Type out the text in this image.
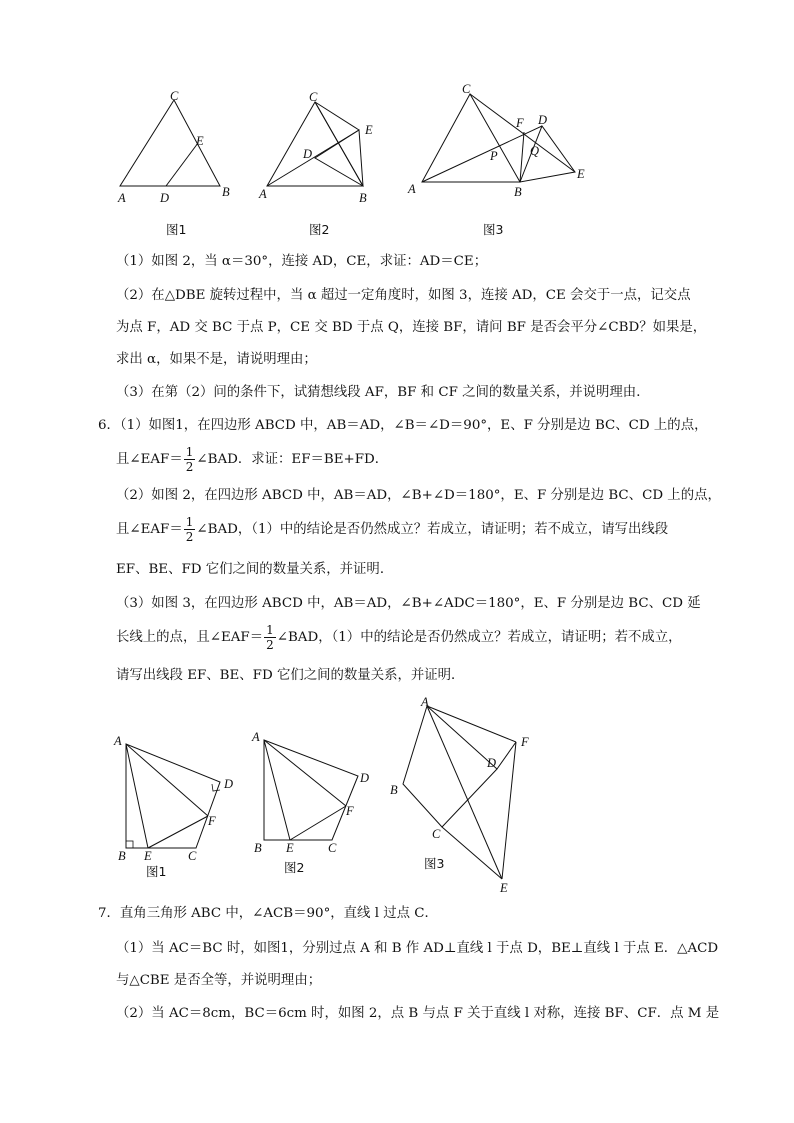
C
E
A	D	B
图1
C
E
D
A	B
图2
C
F D
Q
P
A	B
E
图3
（1）如图 2，当 α＝30°，连接 AD，CE，求证：AD＝CE；
（2）在△DBE 旋转过程中，当 α 超过一定角度时，如图 3，连接 AD，CE 会交于一点，记交点
为点 F，AD 交 BC 于点 P，CE 交 BD 于点 Q，连接 BF，请问 BF 是否会平分∠CBD？如果是，
求出 α，如果不是，请说明理由；
（3）在第（2）问的条件下，试猜想线段 AF，BF 和 CF 之间的数量关系，并说明理由．
6．（1）如图1，在四边形 ABCD 中，AB＝AD，∠B＝∠D＝90°，E、F 分别是边 BC、CD 上的点，
且∠EAF＝ $\frac{1}{2}$ ∠BAD．求证：EF＝BE+FD．
（2）如图 2，在四边形 ABCD 中，AB＝AD，∠B+∠D＝180°，E、F 分别是边 BC、CD 上的点，
且∠EAF＝ $\frac{1}{2}$ ∠BAD，（1）中的结论是否仍然成立？若成立，请证明；若不成立，请写出线段
EF、BE、FD 它们之间的数量关系，并证明．
（3）如图 3，在四边形 ABCD 中，AB＝AD，∠B+∠ADC＝180°，E、F 分别是边 BC、CD 延
长线上的点，且∠EAF＝ $\frac{1}{2}$ ∠BAD，（1）中的结论是否仍然成立？若成立，请证明；若不成立，
请写出线段 EF、BE、FD 它们之间的数量关系，并证明．
A
D
F
B E	C
图1
A
D
F
B E	C
图2
A
F
D
B
C
E
图3
7．直角三角形 ABC 中，∠ACB＝90°，直线 l 过点 C．
（1）当 AC＝BC 时，如图1，分别过点 A 和 B 作 AD⊥直线 l 于点 D，BE⊥直线 l 于点 E．△ACD
与△CBE 是否全等，并说明理由；
（2）当 AC＝8cm，BC＝6cm 时，如图 2，点 B 与点 F 关于直线 l 对称，连接 BF、CF．点 M 是
